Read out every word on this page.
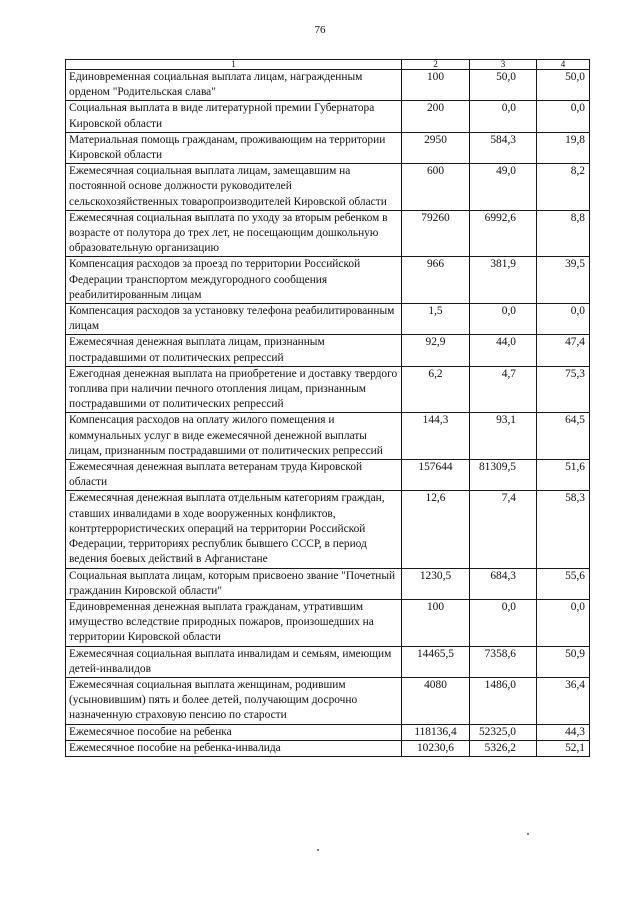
76
1	2	3	4
Единовременная социальная выплата лицам, награжденным орденом "Родительская слава"	100	50,0	50,0
Социальная выплата в виде литературной премии Губернатора Кировской области	200	0,0	0,0
Материальная помощь гражданам, проживающим на территории Кировской области	2950	584,3	19,8
Ежемесячная социальная выплата лицам, замещавшим на постоянной основе должности руководителей сельскохозяйственных товаропроизводителей Кировской области	600	49,0	8,2
Ежемесячная социальная выплата по уходу за вторым ребенком в возрасте от полутора до трех лет, не посещающим дошкольную образовательную организацию	79260	6992,6	8,8
Компенсация расходов за проезд по территории Российской Федерации транспортом междугородного сообщения реабилитированным лицам	966	381,9	39,5
Компенсация расходов за установку телефона реабилитированным лицам	1,5	0,0	0,0
Ежемесячная денежная выплата лицам, признанным пострадавшими от политических репрессий	92,9	44,0	47,4
Ежегодная денежная выплата на приобретение и доставку твердого топлива при наличии печного отопления лицам, признанным пострадавшими от политических репрессий	6,2	4,7	75,3
Компенсация расходов на оплату жилого помещения и коммунальных услуг в виде ежемесячной денежной выплаты лицам, признанным пострадавшими от политических репрессий	144,3	93,1	64,5
Ежемесячная денежная выплата ветеранам труда Кировской области	157644	81309,5	51,6
Ежемесячная денежная выплата отдельным категориям граждан, ставших инвалидами в ходе вооруженных конфликтов, контртеррористических операций на территории Российской Федерации, территориях республик бывшего СССР, в период ведения боевых действий в Афганистане	12,6	7,4	58,3
Социальная выплата лицам, которым присвоено звание "Почетный гражданин Кировской области"	1230,5	684,3	55,6
Единовременная денежная выплата гражданам, утратившим имущество вследствие природных пожаров, произошедших на территории Кировской области	100	0,0	0,0
Ежемесячная социальная выплата инвалидам и семьям, имеющим детей-инвалидов	14465,5	7358,6	50,9
Ежемесячная социальная выплата женщинам, родившим (усыновившим) пять и более детей, получающим досрочно назначенную страховую пенсию по старости	4080	1486,0	36,4
Ежемесячное пособие на ребенка	118136,4	52325,0	44,3
Ежемесячное пособие на ребенка-инвалида	10230,6	5326,2	52,1
